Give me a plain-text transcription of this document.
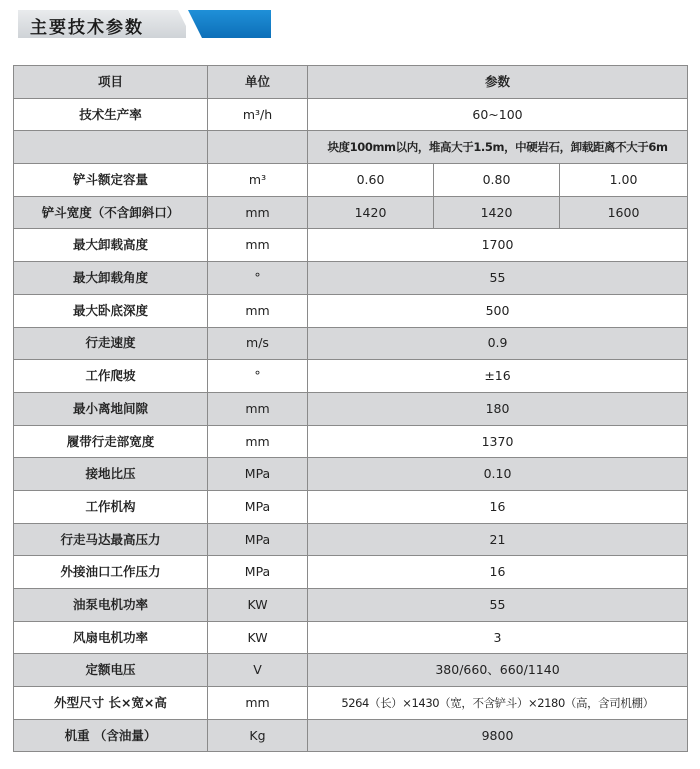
主要技术参数
项目	单位	参数		
技术生产率	m³/h	60~100		
		块度100mm以内，堆高大于1.5m，中硬岩石，卸载距离不大于6m		
铲斗额定容量	m³	0.60	0.80	1.00
铲斗宽度（不含卸斜口）	mm	1420	1420	1600
最大卸载高度	mm	1700		
最大卸载角度	°	55		
最大卧底深度	mm	500		
行走速度	m/s	0.9		
工作爬坡	°	±16		
最小离地间隙	mm	180		
履带行走部宽度	mm	1370		
接地比压	MPa	0.10		
工作机构	MPa	16		
行走马达最高压力	MPa	21		
外接油口工作压力	MPa	16		
油泵电机功率	KW	55		
风扇电机功率	KW	3		
定额电压	V	380/660、660/1140		
外型尺寸 长×宽×高	mm	5264（长）×1430（宽，不含铲斗）×2180（高，含司机棚）		
机重 （含油量）	Kg	9800		
